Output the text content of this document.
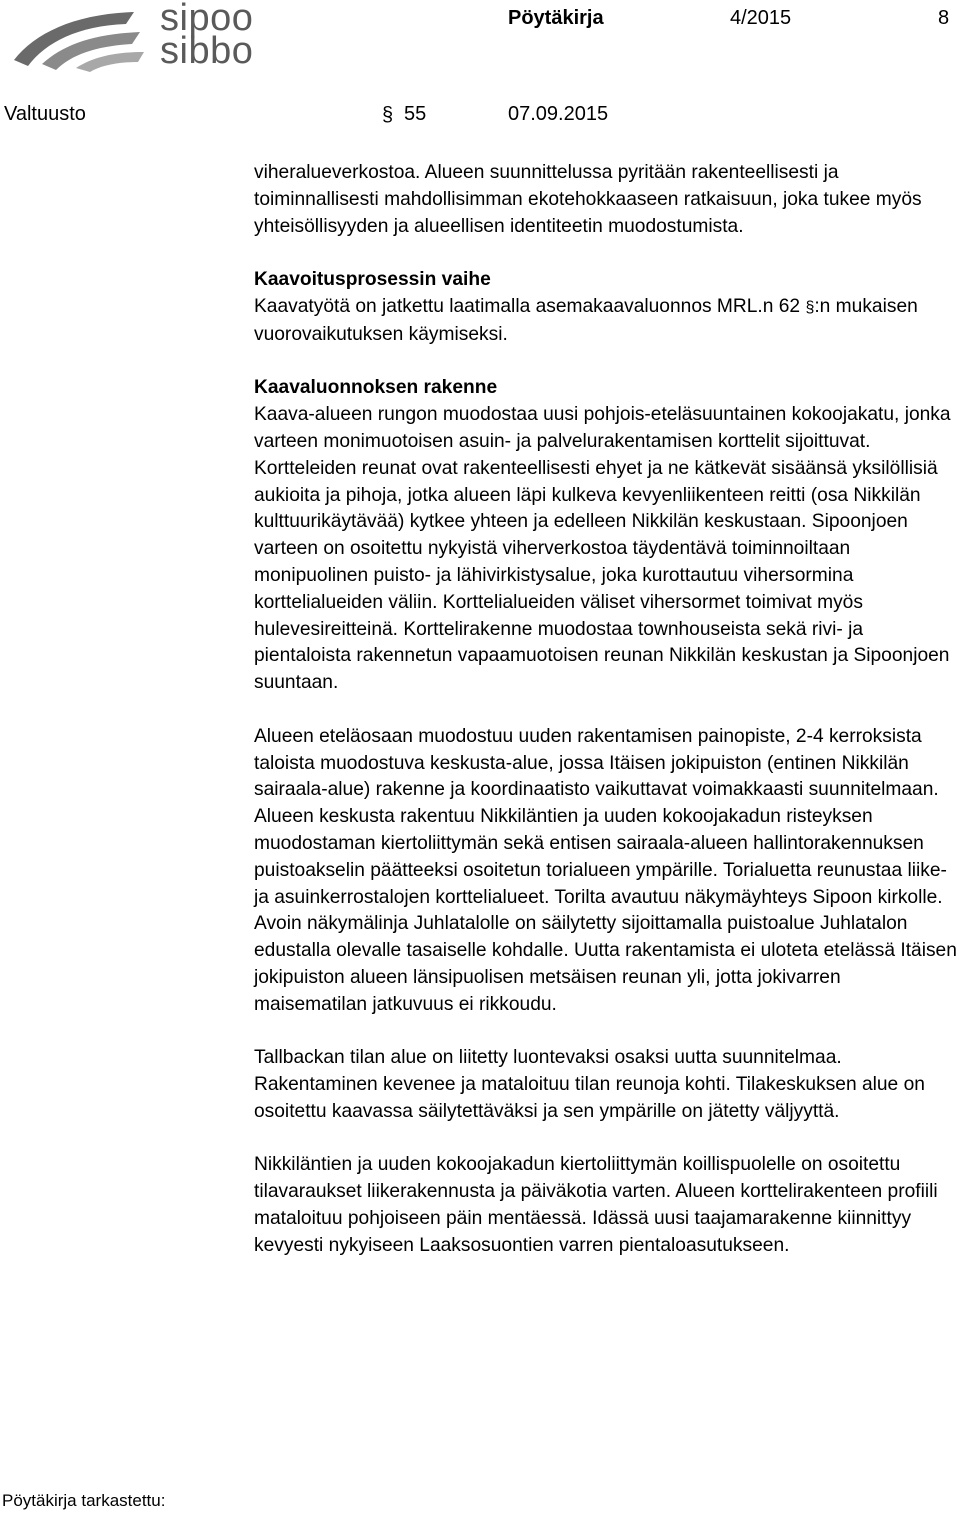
sipoo
sibbo
Pöytäkirja	4/2015	8
Valtuusto	§ 55	07.09.2015

viheralueverkostoa. Alueen suunnittelussa pyritään rakenteellisesti ja toiminnallisesti mahdollisimman ekotehokkaaseen ratkaisuun, joka tukee myös yhteisöllisyyden ja alueellisen identiteetin muodostumista.

Kaavoitusprosessin vaihe

Kaavatyötä on jatkettu laatimalla asemakaavaluonnos MRL.n 62 §:n mukaisen vuorovaikutuksen käymiseksi.

Kaavaluonnoksen rakenne

Kaava-alueen rungon muodostaa uusi pohjois-eteläsuuntainen kokoojakatu, jonka varteen monimuotoisen asuin- ja palvelurakentamisen korttelit sijoittuvat. Kortteleiden reunat ovat rakenteellisesti ehyet ja ne kätkevät sisäänsä yksilöllisiä aukioita ja pihoja, jotka alueen läpi kulkeva kevyenliikenteen reitti (osa Nikkilän kulttuurikäytävää) kytkee yhteen ja edelleen Nikkilän keskustaan. Sipoonjoen varteen on osoitettu nykyistä viherverkostoa täydentävä toiminnoiltaan monipuolinen puisto- ja lähivirkistysalue, joka kurottautuu vihersormina korttelialueiden väliin. Korttelialueiden väliset vihersormet toimivat myös hulevesireitteinä. Korttelirakenne muodostaa townhouseista sekä rivi- ja pientaloista rakennetun vapaamuotoisen reunan Nikkilän keskustan ja Sipoonjoen suuntaan.

Alueen eteläosaan muodostuu uuden rakentamisen painopiste, 2-4 kerroksista taloista muodostuva keskusta-alue, jossa Itäisen jokipuiston (entinen Nikkilän sairaala-alue) rakenne ja koordinaatisto vaikuttavat voimakkaasti suunnitelmaan. Alueen keskusta rakentuu Nikkiläntien ja uuden kokoojakadun risteyksen muodostaman kiertoliittymän sekä entisen sairaala-alueen hallintorakennuksen puistoakselin päätteeksi osoitetun torialueen ympärille. Torialuetta reunustaa liike- ja asuinkerrostalojen korttelialueet. Torilta avautuu näkymäyhteys Sipoon kirkolle. Avoin näkymälinja Juhlatalolle on säilytetty sijoittamalla puistoalue Juhlatalon edustalla olevalle tasaiselle kohdalle. Uutta rakentamista ei uloteta etelässä Itäisen jokipuiston alueen länsipuolisen metsäisen reunan yli, jotta jokivarren maisematilan jatkuvuus ei rikkoudu.

Tallbackan tilan alue on liitetty luontevaksi osaksi uutta suunnitelmaa. Rakentaminen kevenee ja mataloituu tilan reunoja kohti. Tilakeskuksen alue on osoitettu kaavassa säilytettäväksi ja sen ympärille on jätetty väljyyttä.

Nikkiläntien ja uuden kokoojakadun kiertoliittymän koillispuolelle on osoitettu tilavaraukset liikerakennusta ja päiväkotia varten. Alueen korttelirakenteen profiili mataloituu pohjoiseen päin mentäessä. Idässä uusi taajamarakenne kiinnittyy kevyesti nykyiseen Laaksosuontien varren pientaloasutukseen.

Pöytäkirja tarkastettu:
